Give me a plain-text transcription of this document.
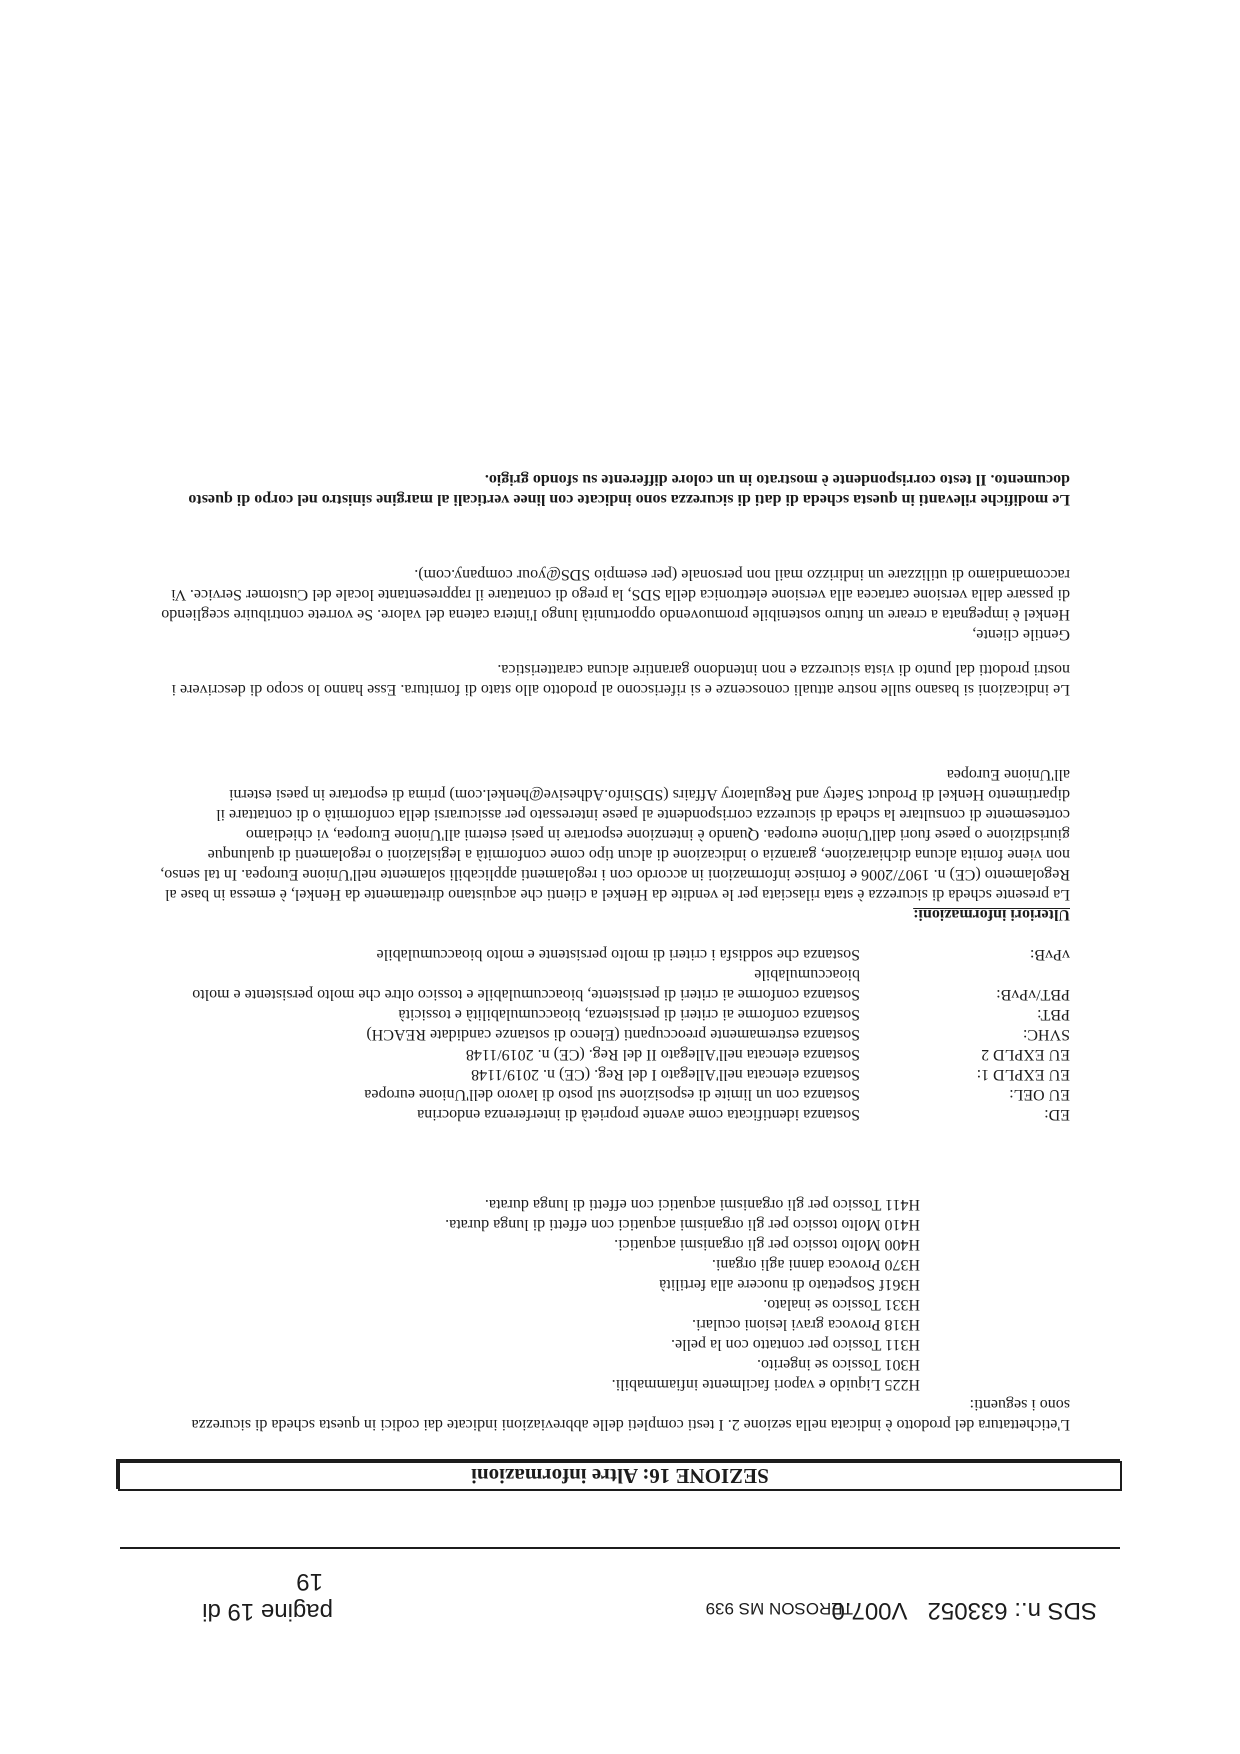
SDS n.: 633052   V007.0
TEROSON MS 939
pagine 19 di
19
SEZIONE 16: Altre informazioni
L'etichettatura del prodotto è indicata nella sezione 2. I testi completi delle abbreviazioni indicate dai codici in questa scheda di sicurezza sono i seguenti:
H225 Liquido e vapori facilmente infiammabili.
H301 Tossico se ingerito.
H311 Tossico per contatto con la pelle.
H318 Provoca gravi lesioni oculari.
H331 Tossico se inalato.
H361f Sospettato di nuocere alla fertilità
H370 Provoca danni agli organi.
H400 Molto tossico per gli organismi acquatici.
H410 Molto tossico per gli organismi acquatici con effetti di lunga durata.
H411 Tossico per gli organismi acquatici con effetti di lunga durata.
ED:
Sostanza identificata come avente proprietà di interferenza endocrina
EU OEL:
Sostanza con un limite di esposizione sul posto di lavoro dell'Unione europea
EU EXPLD 1:
Sostanza elencata nell'Allegato I del Reg. (CE) n. 2019/1148
EU EXPLD 2
Sostanza elencata nell'Allegato II del Reg. (CE) n. 2019/1148
SVHC:
Sostanza estremamente preoccupanti (Elenco di sostanze candidate REACH)
PBT:
Sostanza conforme ai criteri di persistenza, bioaccumulabilità e tossicità
PBT/vPvB:
Sostanza conforme ai criteri di persistente, bioaccumulabile e tossico oltre che molto persistente e molto bioaccumulabile
vPvB:
Sostanza che soddisfa i criteri di molto persistente e molto bioaccumulabile
Ulteriori informazioni:
La presente scheda di sicurezza è stata rilasciata per le vendite da Henkel a clienti che acquistano direttamente da Henkel, è emessa in base al Regolamento (CE) n. 1907/2006 e fornisce informazioni in accordo con i regolamenti applicabili solamente nell'Unione Europea. In tal senso, non viene fornita alcuna dichiarazione, garanzia o indicazione di alcun tipo come conformità a legislazioni o regolamenti di qualunque giurisdizione o paese fuori dall'Unione europea. Quando è intenzione esportare in paesi esterni all'Unione Europea, vi chiediamo cortesemente di consultare la scheda di sicurezza corrispondente al paese interessato per assicurarsi della conformità o di contattare il dipartimento Henkel di Product Safety and Regulatory Affairs (SDSinfo.Adhesive@henkel.com) prima di esportare in paesi esterni all'Unione Europea
Le indicazioni si basano sulle nostre attuali conoscenze e si riferiscono al prodotto allo stato di fornitura. Esse hanno lo scopo di descrivere i nostri prodotti dal punto di vista sicurezza e non intendono garantire alcuna caratteristica.
Gentile cliente,
Henkel è impegnata a creare un futuro sostenibile promuovendo opportunità lungo l'intera catena del valore. Se vorrete contribuire scegliendo di passare dalla versione cartacea alla versione elettronica della SDS, la prego di contattare il rappresentante locale del Customer Service. Vi raccomandiamo di utilizzare un indirizzo mail non personale (per esempio SDS@your company.com).
Le modifiche rilevanti in questa scheda di dati di sicurezza sono indicate con linee verticali al margine sinistro nel corpo di questo documento. Il testo corrispondente è mostrato in un colore differente su sfondo grigio.
